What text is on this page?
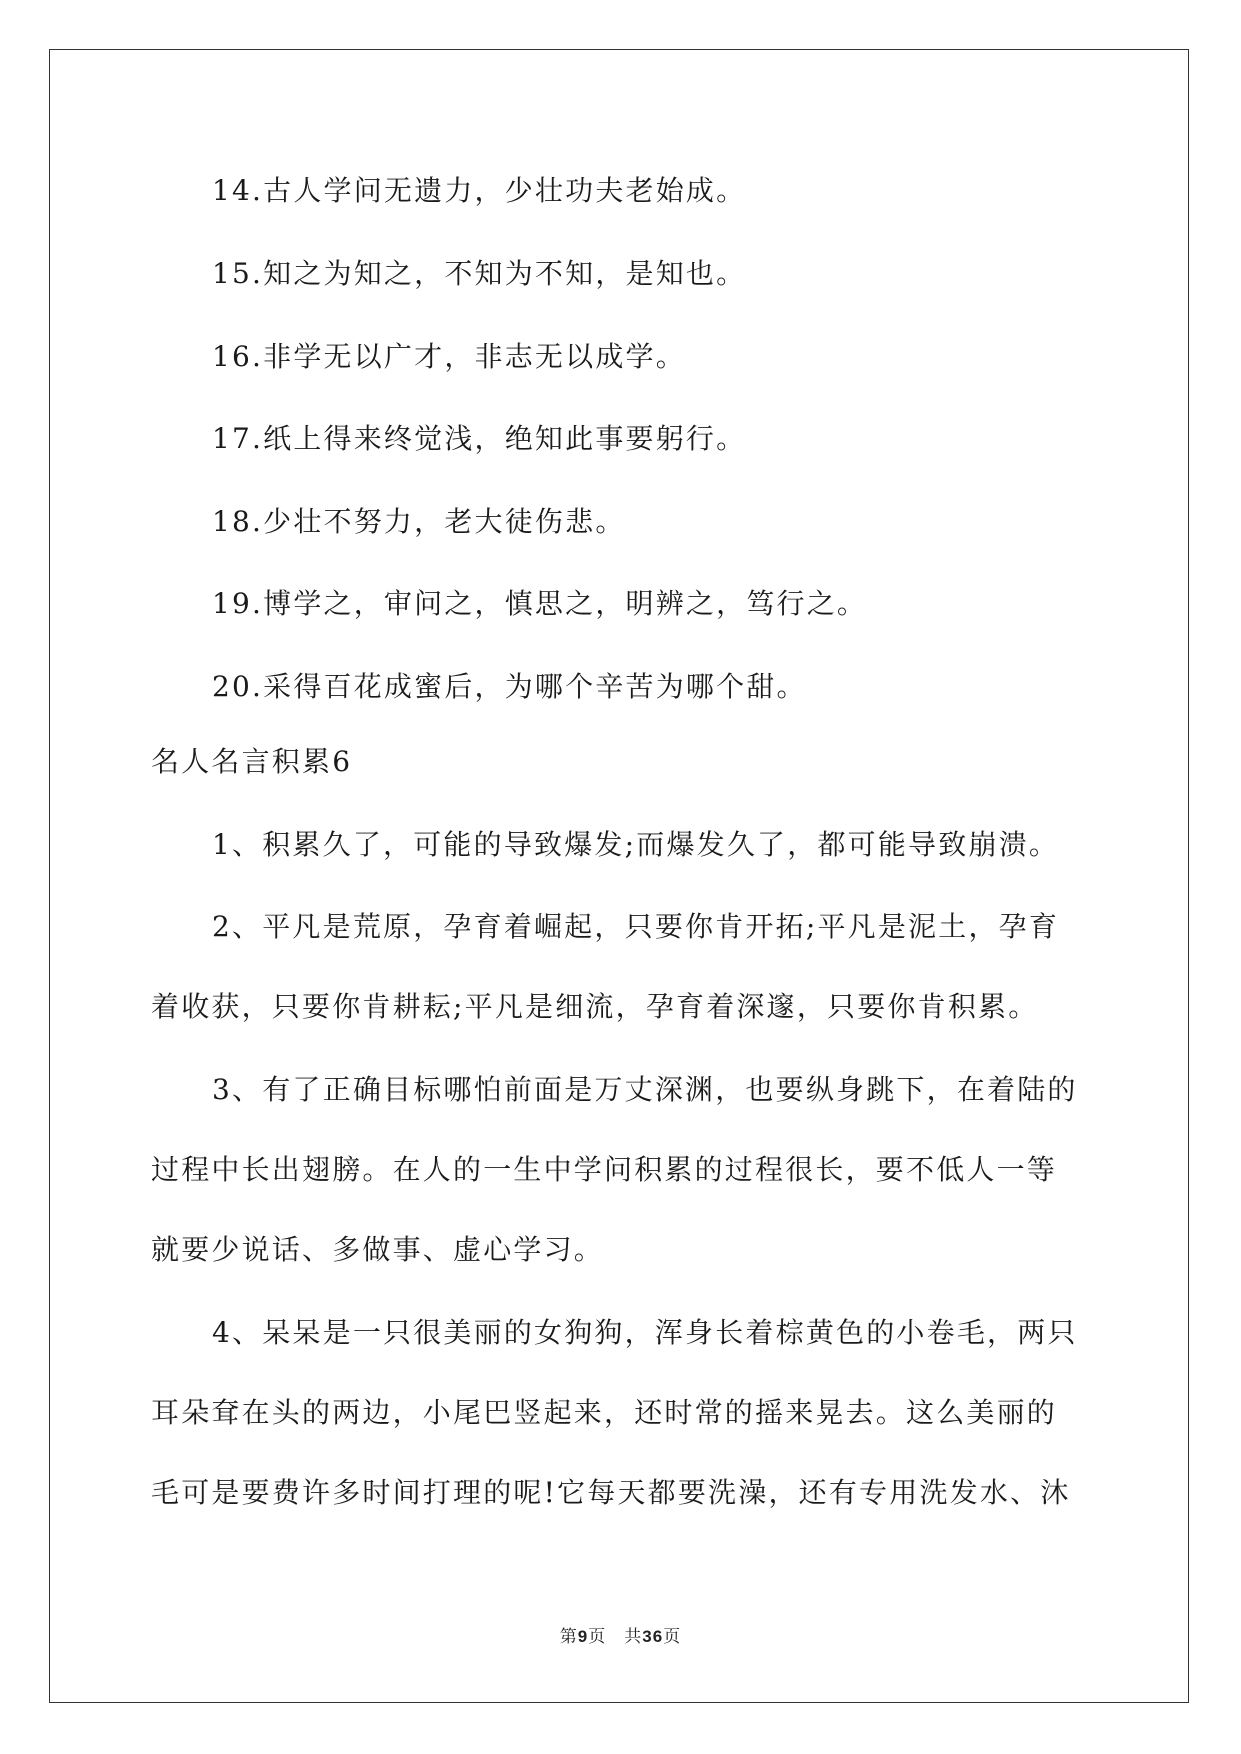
14.古人学问无遗力，少壮功夫老始成。
15.知之为知之，不知为不知，是知也。
16.非学无以广才，非志无以成学。
17.纸上得来终觉浅，绝知此事要躬行。
18.少壮不努力，老大徒伤悲。
19.博学之，审问之，慎思之，明辨之，笃行之。
20.采得百花成蜜后，为哪个辛苦为哪个甜。
名人名言积累6
1、积累久了，可能的导致爆发;而爆发久了，都可能导致崩溃。
2、平凡是荒原，孕育着崛起，只要你肯开拓;平凡是泥土，孕育
着收获，只要你肯耕耘;平凡是细流，孕育着深邃，只要你肯积累。
3、有了正确目标哪怕前面是万丈深渊，也要纵身跳下，在着陆的
过程中长出翅膀。在人的一生中学问积累的过程很长，要不低人一等
就要少说话、多做事、虚心学习。
4、呆呆是一只很美丽的女狗狗，浑身长着棕黄色的小卷毛，两只
耳朵耷在头的两边，小尾巴竖起来，还时常的摇来晃去。这么美丽的
毛可是要费许多时间打理的呢!它每天都要洗澡，还有专用洗发水、沐
第9页　共36页
